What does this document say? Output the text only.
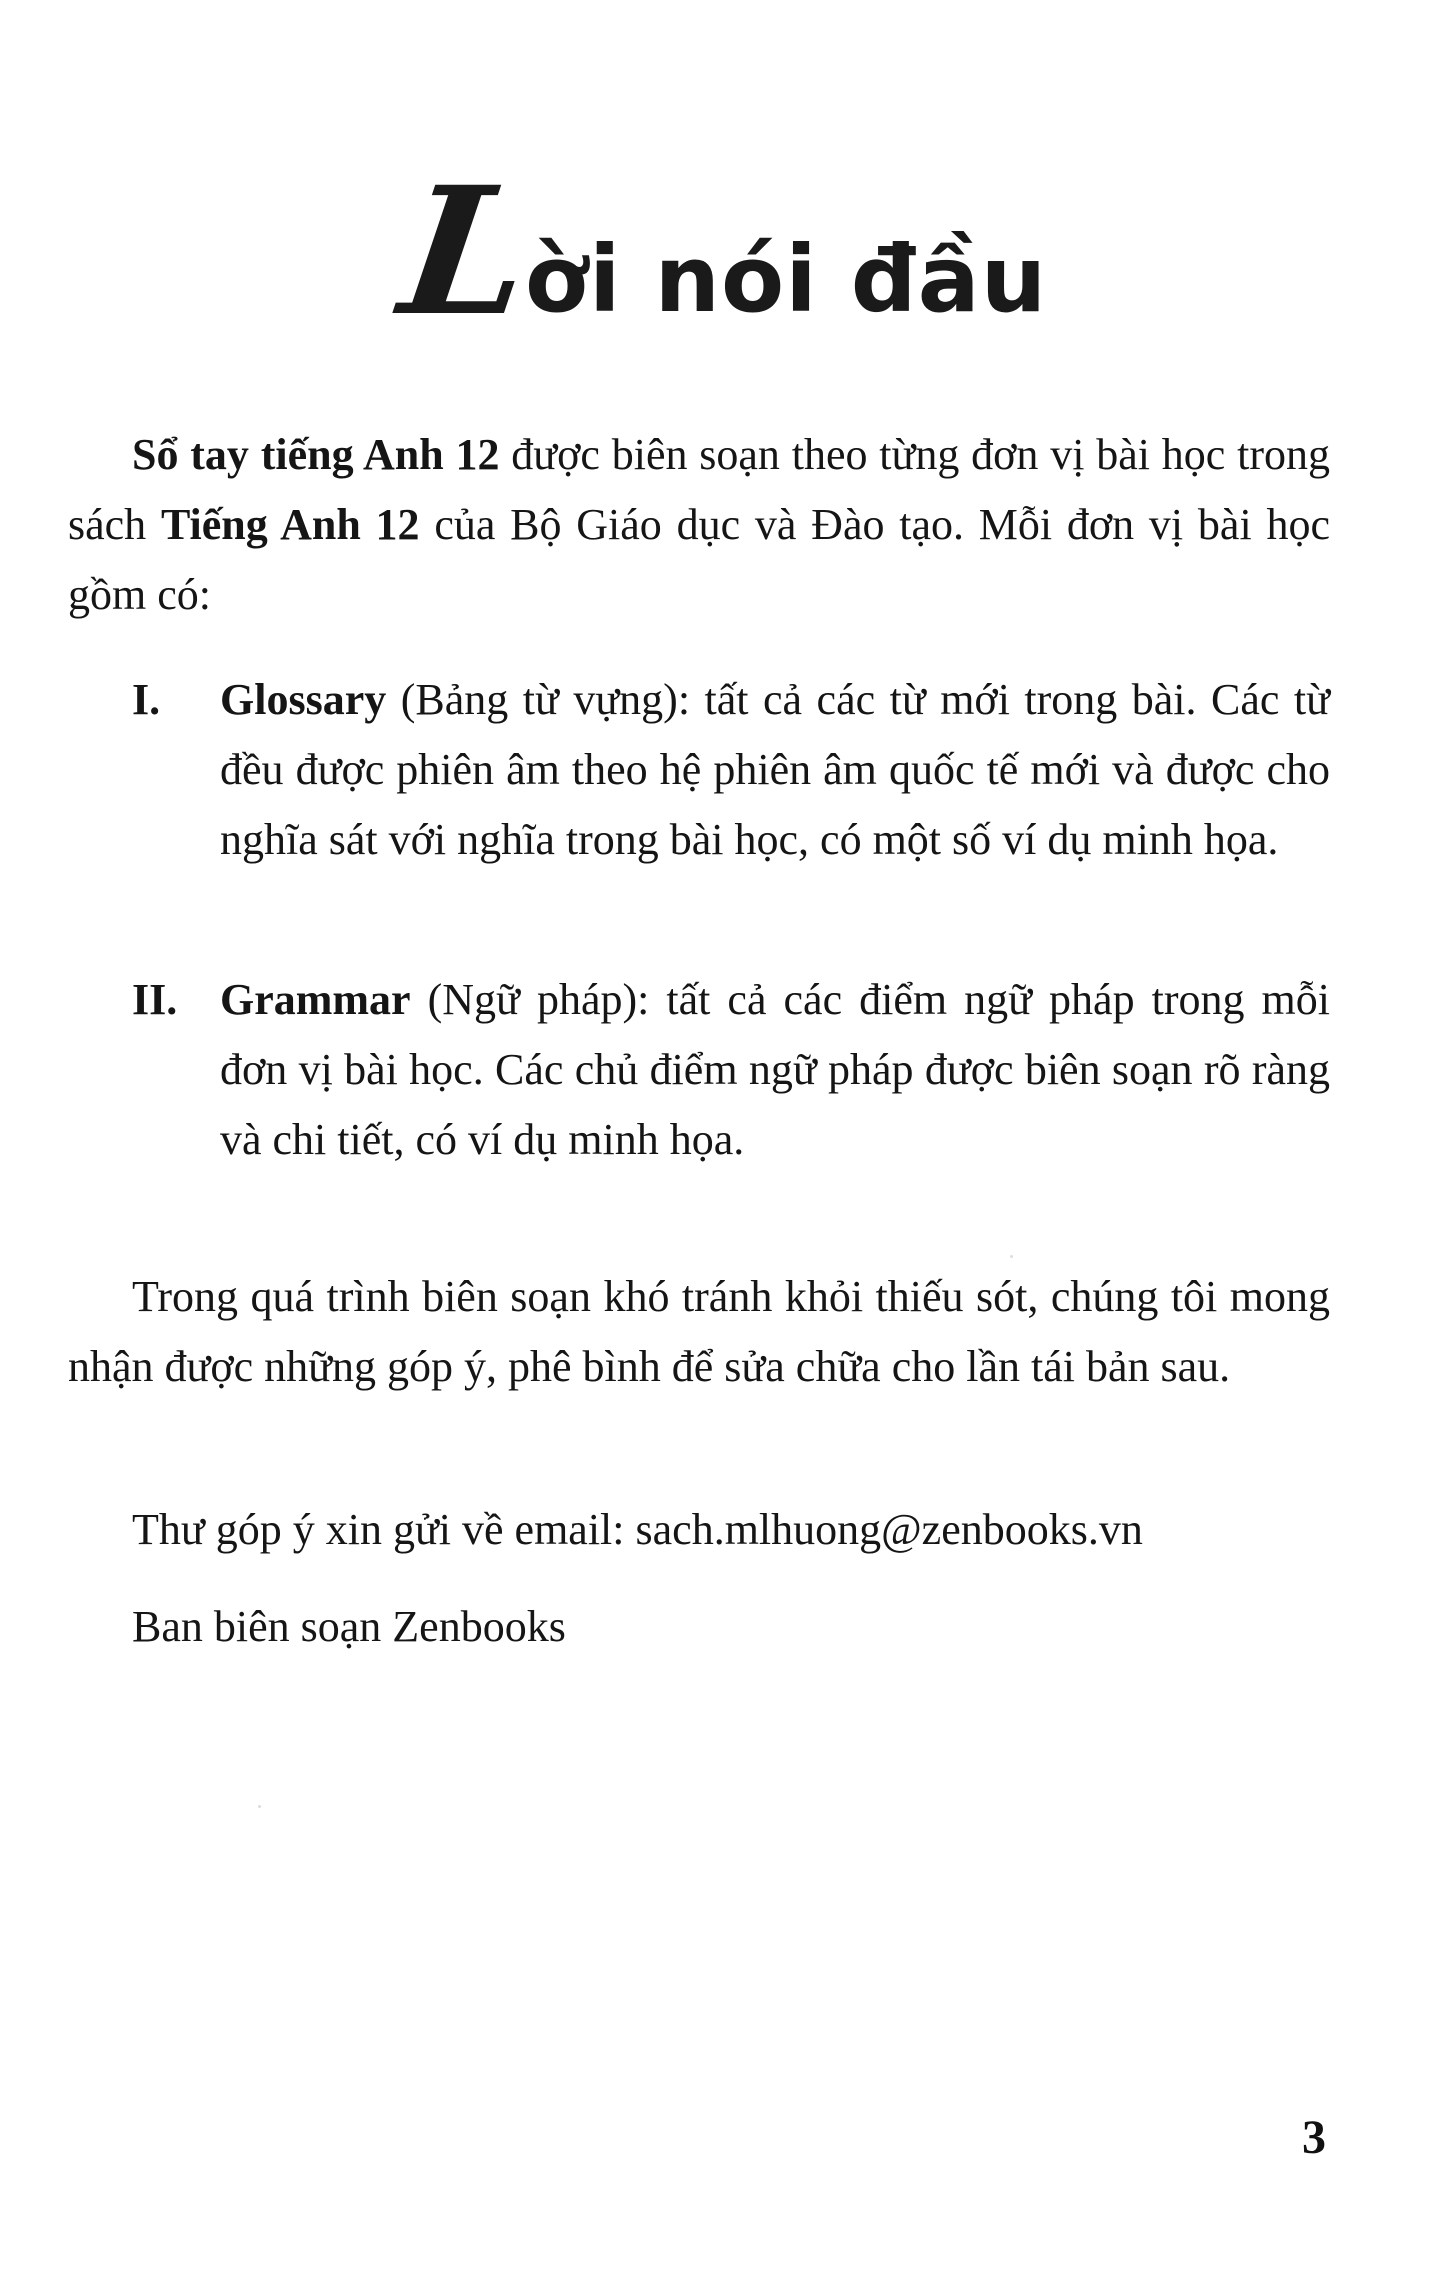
L
ời nói đầu

Sổ tay tiếng Anh 12 được biên soạn theo từng đơn vị bài học trong sách Tiếng Anh 12 của Bộ Giáo dục và Đào tạo. Mỗi đơn vị bài học gồm có:

I.	Glossary (Bảng từ vựng): tất cả các từ mới trong bài. Các từ đều được phiên âm theo hệ phiên âm quốc tế mới và được cho nghĩa sát với nghĩa trong bài học, có một số ví dụ minh họa.
II. Grammar (Ngữ pháp): tất cả các điểm ngữ pháp trong mỗi đơn vị bài học. Các chủ điểm ngữ pháp được biên soạn rõ ràng và chi tiết, có ví dụ minh họa.

Trong quá trình biên soạn khó tránh khỏi thiếu sót, chúng tôi mong nhận được những góp ý, phê bình để sửa chữa cho lần tái bản sau.

Thư góp ý xin gửi về email: sach.mlhuong@zenbooks.vn

Ban biên soạn Zenbooks

3
